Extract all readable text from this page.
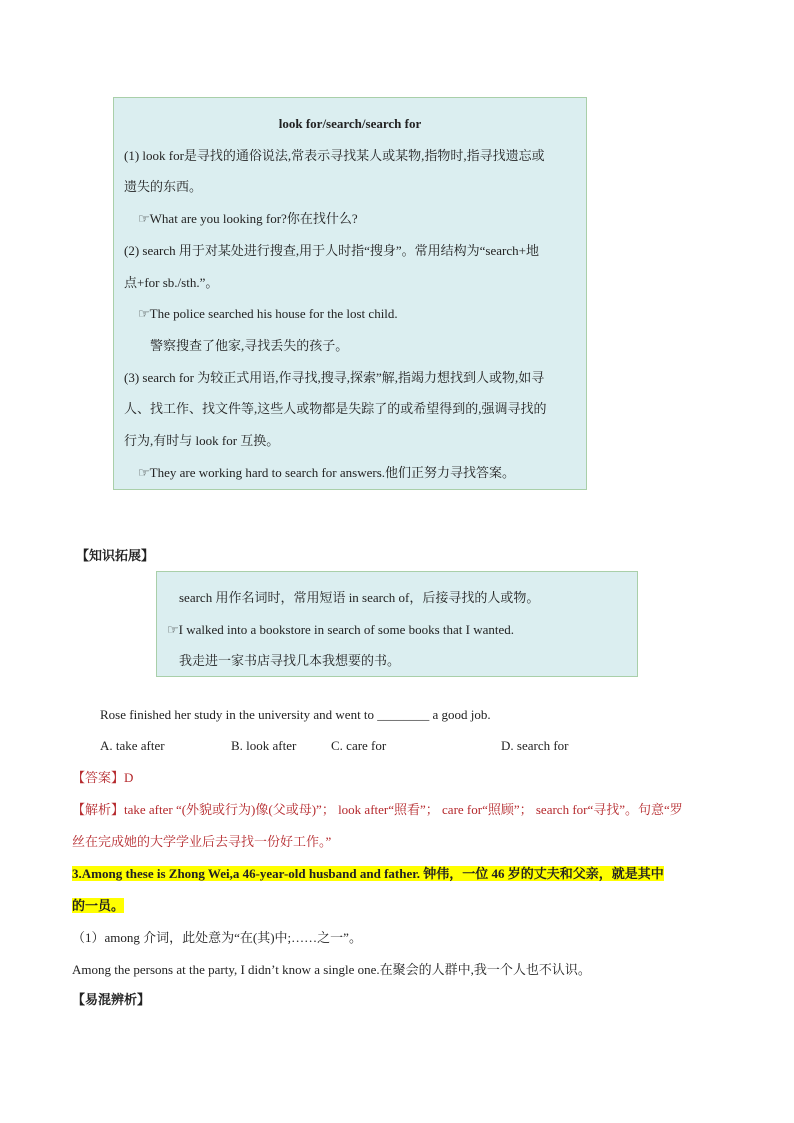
look for/search/search for
(1) look for是寻找的通俗说法,常表示寻找某人或某物,指物时,指寻找遗忘或
遗失的东西。
☞What are you looking for?你在找什么?
(2) search 用于对某处进行搜查,用于人时指“搜身”。常用结构为“search+地
点+for sb./sth.”。
☞The police searched his house for the lost child.
警察搜查了他家,寻找丢失的孩子。
(3) search for 为较正式用语,作寻找,搜寻,探索”解,指竭力想找到人或物,如寻
人、找工作、找文件等,这些人或物都是失踪了的或希望得到的,强调寻找的
行为,有时与 look for 互换。
☞They are working hard to search for answers.他们正努力寻找答案。
【知识拓展】
search 用作名词时，常用短语 in search of，后接寻找的人或物。
☞I walked into a bookstore in search of some books that I wanted.
我走进一家书店寻找几本我想要的书。
Rose finished her study in the university and went to ________ a good job.
A. take after	B. look after	C. care for	D. search for
【答案】D
【解析】take after “(外貌或行为)像(父或母)”； look after“照看”； care for“照顾”； search for“寻找”。句意“罗
丝在完成她的大学学业后去寻找一份好工作。”
3.Among these is Zhong Wei,a 46-year-old husband and father. 钟伟，一位 46 岁的丈夫和父亲，就是其中
的一员。
（1）among 介词，此处意为“在(其)中;……之一”。
Among the persons at the party, I didn’t know a single one.在聚会的人群中,我一个人也不认识。
【易混辨析】
